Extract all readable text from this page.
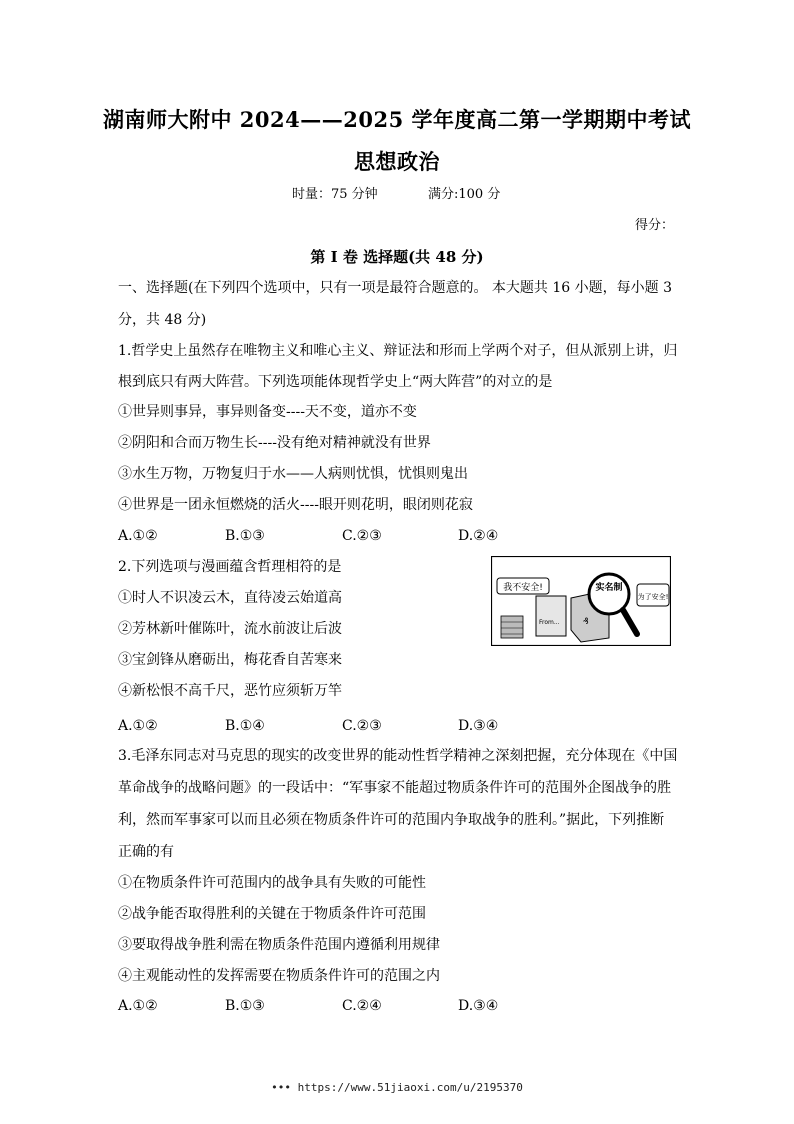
湖南师大附中 2024——2025 学年度高二第一学期期中考试
思想政治
时量：75 分钟	满分:100 分
得分：
第 I 卷 选择题(共 48 分)
一、选择题(在下列四个选项中，只有一项是最符合题意的。 本大题共 16 小题，每小题 3
分，共 48 分)
1.哲学史上虽然存在唯物主义和唯心主义、辩证法和形而上学两个对子，但从派别上讲，归
根到底只有两大阵营。下列选项能体现哲学史上“两大阵营”的对立的是
①世异则事异，事异则备变----天不变，道亦不变
②阴阳和合而万物生长----没有绝对精神就没有世界
③水生万物，万物复归于水——人病则忧惧，忧惧则鬼出
④世界是一团永恒燃烧的活火----眼开则花明，眼闭则花寂
A.①②	B.①③	C.②③	D.②④
2.下列选项与漫画蕴含哲理相符的是
①时人不识凌云木，直待凌云始道高
②芳林新叶催陈叶，流水前波让后波
③宝剑锋从磨砺出，梅花香自苦寒来
④新松恨不高千尺，恶竹应须斩万竿
我不安全!
为了安全!
From...	₰
实名制
A.①②	B.①④	C.②③	D.③④
3.毛泽东同志对马克思的现实的改变世界的能动性哲学精神之深刻把握，充分体现在《中国
革命战争的战略问题》的一段话中：“军事家不能超过物质条件许可的范围外企图战争的胜
利，然而军事家可以而且必须在物质条件许可的范围内争取战争的胜利。”据此，下列推断
正确的有
①在物质条件许可范围内的战争具有失败的可能性
②战争能否取得胜利的关键在于物质条件许可范围
③要取得战争胜利需在物质条件范围内遵循利用规律
④主观能动性的发挥需要在物质条件许可的范围之内
A.①②	B.①③	C.②④	D.③④
••• https://www.51jiaoxi.com/u/2195370
